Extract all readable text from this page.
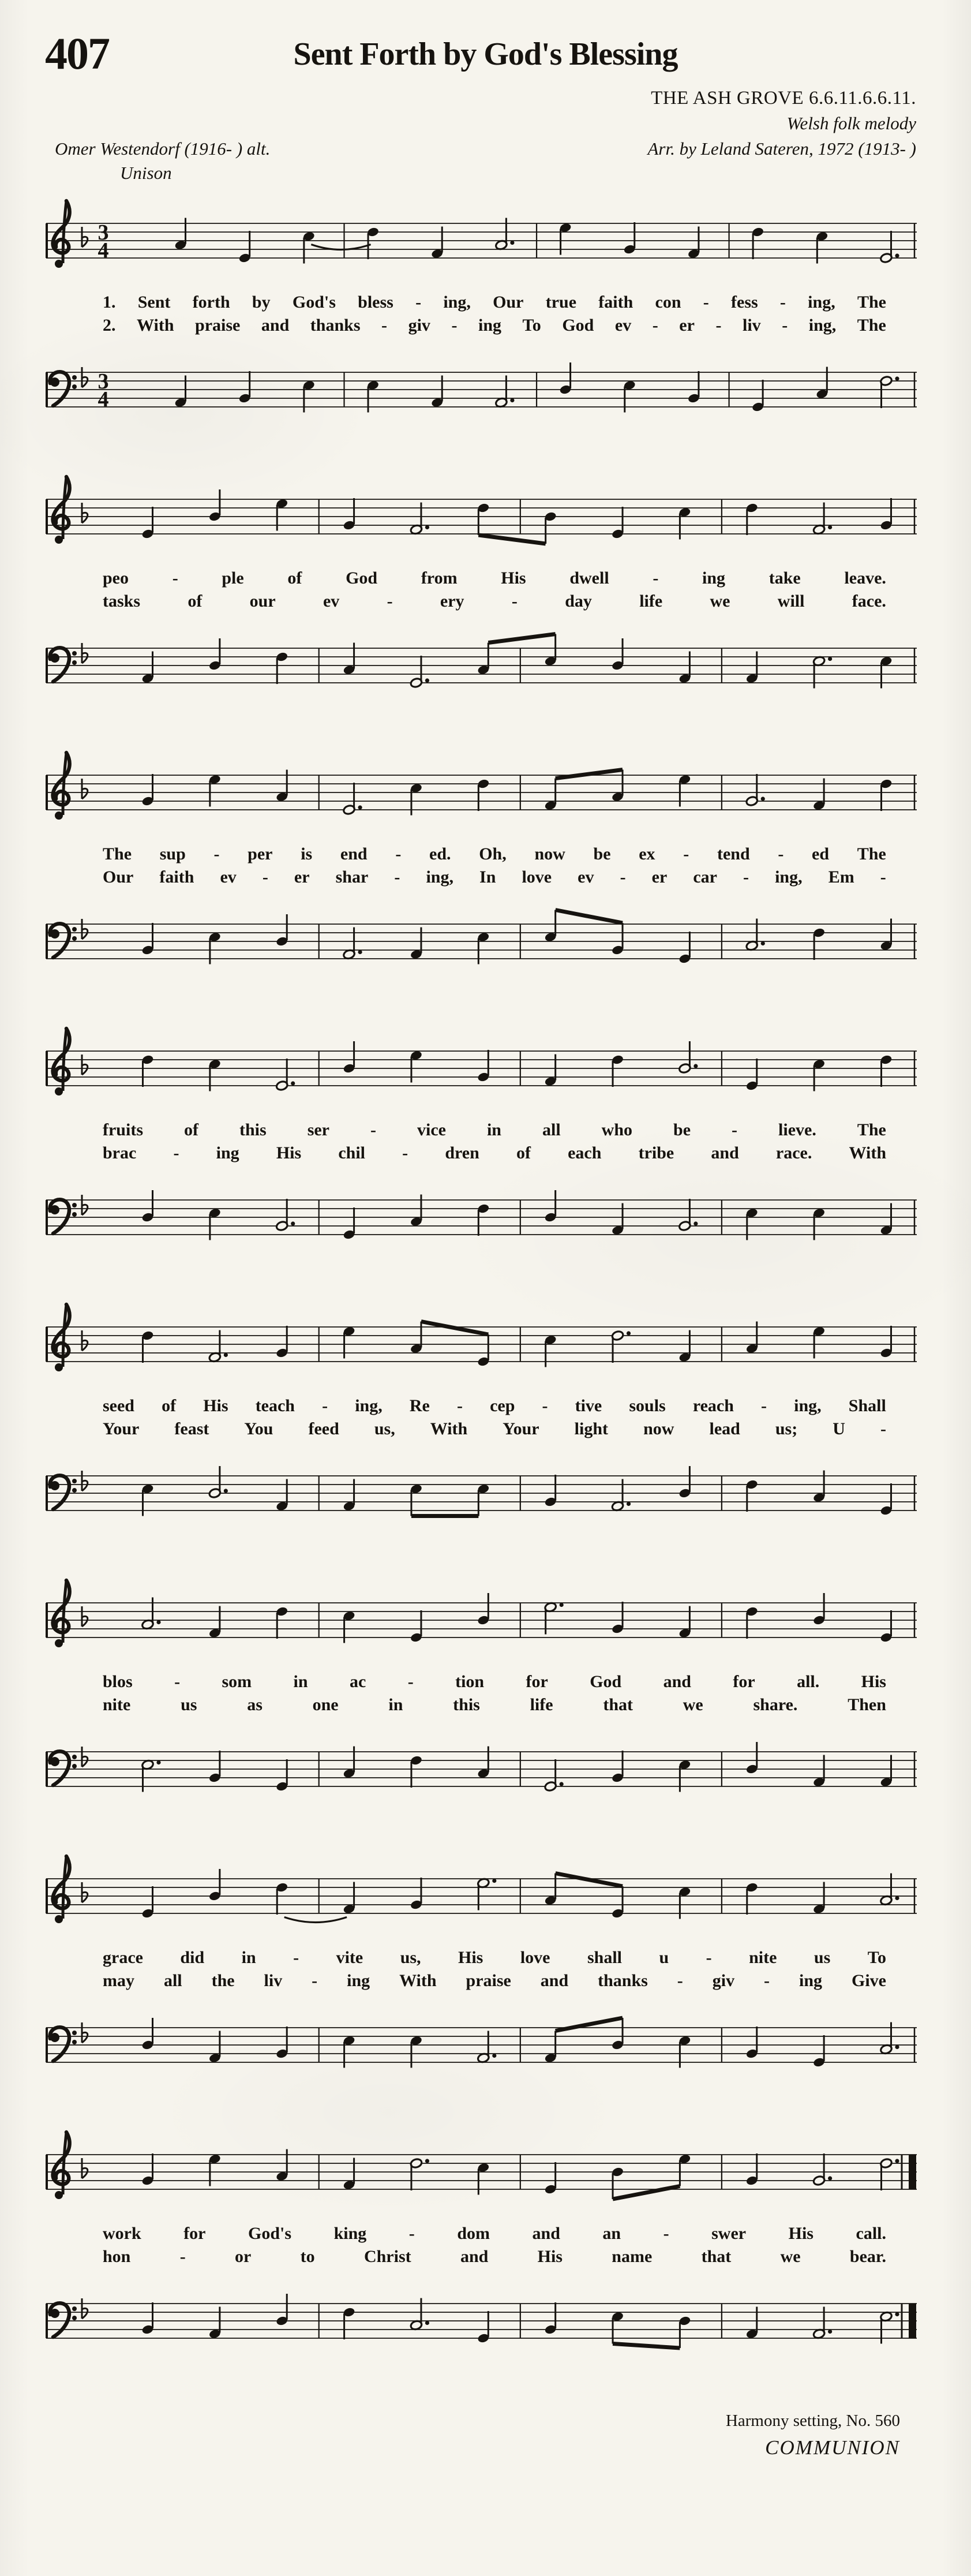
407	Sent Forth by God's Blessing
THE ASH GROVE 6.6.11.6.6.11.
Welsh folk melody
Omer Westendorf (1916- ) alt.	Arr. by Leland Sateren, 1972 (1913- )
Unison
3
4
1. Sent forth by God's bless - ing, Our true faith con - fess - ing, The
2. With praise and thanks - giv - ing To God ev - er - liv - ing, The
3
4
peo	-	ple	of	God	from	His	dwell	-	ing	take	leave.
tasks	of	our	ev	-	ery	-	day	life	we	will	face.
The sup - per is end - ed. Oh, now be ex - tend - ed The
Our faith ev - er shar - ing, In love ev - er car - ing, Em -
fruits of this ser - vice in all who be - lieve. The
brac - ing His chil - dren of each tribe and race. With
seed of His teach - ing, Re - cep - tive souls reach - ing, Shall
Your feast You feed us, With Your light now lead us; U -
blos - som in ac - tion for God and for all. His
nite	us	as	one	in	this	life	that	we	share.	Then
grace did in - vite us, His love shall u - nite us To
may all the liv - ing With praise and thanks - giv - ing Give
work for God's king - dom and an - swer His call.
hon	-	or	to	Christ	and	His	name	that	we	bear.
Harmony setting, No. 560
COMMUNION
